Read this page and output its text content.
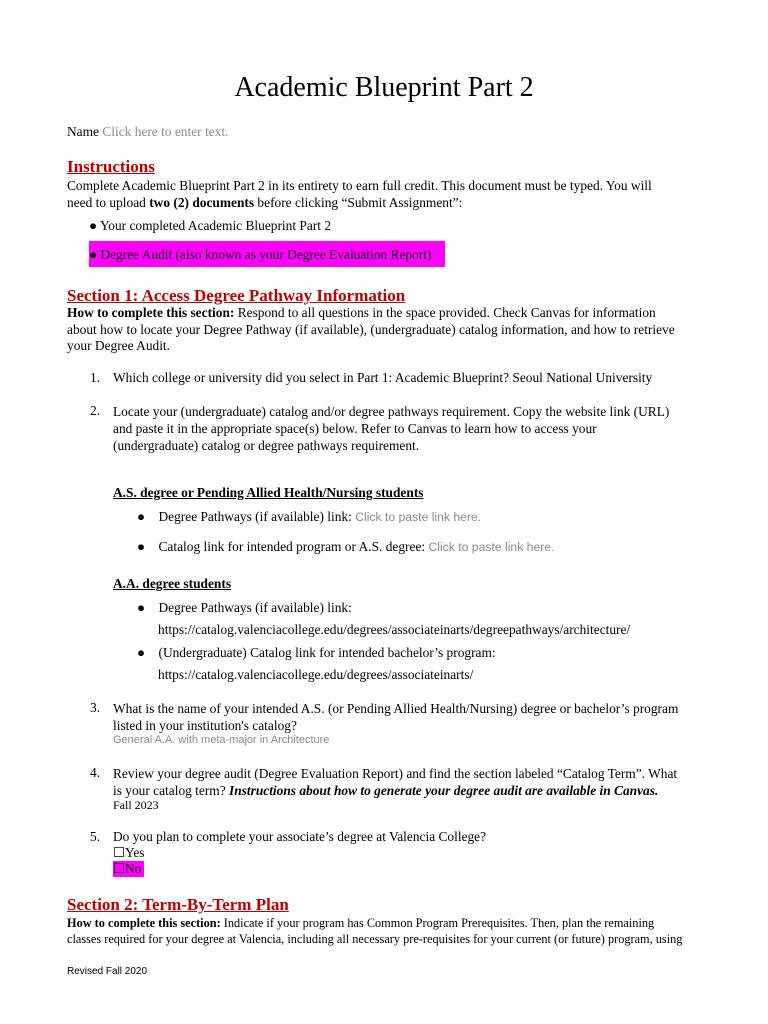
Academic Blueprint Part 2
Name Click here to enter text.
Instructions
Complete Academic Blueprint Part 2 in its entirety to earn full credit. This document must be typed. You will
need to upload two (2) documents before clicking “Submit Assignment”:
● Your completed Academic Blueprint Part 2
● Degree Audit (also known as your Degree Evaluation Report)
Section 1: Access Degree Pathway Information
How to complete this section: Respond to all questions in the space provided. Check Canvas for information
about how to locate your Degree Pathway (if available), (undergraduate) catalog information, and how to retrieve
your Degree Audit.
1. Which college or university did you select in Part 1: Academic Blueprint? Seoul National University
2. Locate your (undergraduate) catalog and/or degree pathways requirement. Copy the website link (URL)
and paste it in the appropriate space(s) below. Refer to Canvas to learn how to access your
(undergraduate) catalog or degree pathways requirement.
A.S. degree or Pending Allied Health/Nursing students
● Degree Pathways (if available) link: Click to paste link here.
● Catalog link for intended program or A.S. degree: Click to paste link here.
A.A. degree students
● Degree Pathways (if available) link:
https://catalog.valenciacollege.edu/degrees/associateinarts/degreepathways/architecture/
● (Undergraduate) Catalog link for intended bachelor’s program:
https://catalog.valenciacollege.edu/degrees/associateinarts/
3. What is the name of your intended A.S. (or Pending Allied Health/Nursing) degree or bachelor’s program
listed in your institution's catalog?
General A.A. with meta-major in Architecture
4. Review your degree audit (Degree Evaluation Report) and find the section labeled “Catalog Term”. What
is your catalog term? Instructions about how to generate your degree audit are available in Canvas.
Fall 2023
5. Do you plan to complete your associate’s degree at Valencia College?
☐Yes
☐No
Section 2: Term-By-Term Plan
How to complete this section: Indicate if your program has Common Program Prerequisites. Then, plan the remaining
classes required for your degree at Valencia, including all necessary pre-requisites for your current (or future) program, using
Revised Fall 2020
